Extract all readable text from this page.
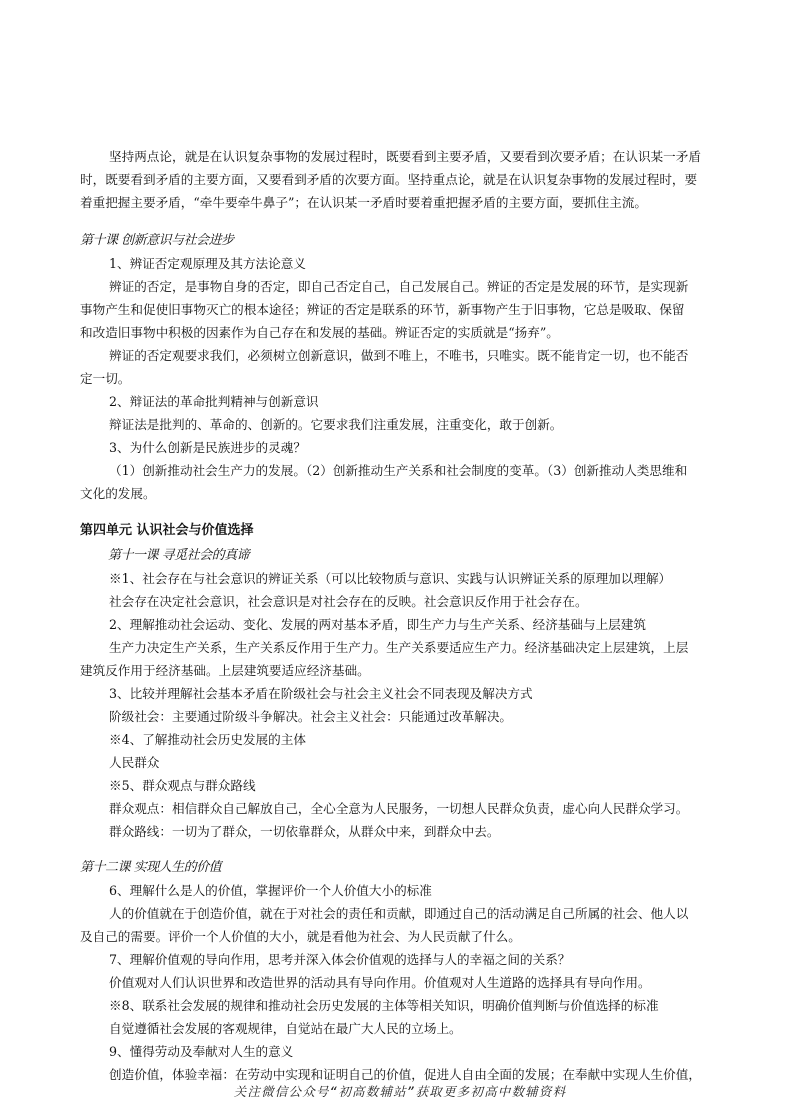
坚持两点论，就是在认识复杂事物的发展过程时，既要看到主要矛盾，又要看到次要矛盾；在认识某一矛盾

时，既要看到矛盾的主要方面，又要看到矛盾的次要方面。坚持重点论，就是在认识复杂事物的发展过程时，要

着重把握主要矛盾，“牵牛要牵牛鼻子”；在认识某一矛盾时要着重把握矛盾的主要方面，要抓住主流。

第十课 创新意识与社会进步

1、辨证否定观原理及其方法论意义

辨证的否定，是事物自身的否定，即自己否定自己，自己发展自己。辨证的否定是发展的环节，是实现新

事物产生和促使旧事物灭亡的根本途径；辨证的否定是联系的环节，新事物产生于旧事物，它总是吸取、保留

和改造旧事物中积极的因素作为自己存在和发展的基础。辨证否定的实质就是“扬弃”。

辨证的否定观要求我们，必须树立创新意识，做到不唯上，不唯书，只唯实。既不能肯定一切，也不能否

定一切。

2、辩证法的革命批判精神与创新意识

辩证法是批判的、革命的、创新的。它要求我们注重发展，注重变化，敢于创新。

3、为什么创新是民族进步的灵魂？

（1）创新推动社会生产力的发展。（2）创新推动生产关系和社会制度的变革。（3）创新推动人类思维和

文化的发展。

第四单元 认识社会与价值选择

第十一课 寻觅社会的真谛

※1、社会存在与社会意识的辨证关系（可以比较物质与意识、实践与认识辨证关系的原理加以理解）

社会存在决定社会意识，社会意识是对社会存在的反映。社会意识反作用于社会存在。

2、理解推动社会运动、变化、发展的两对基本矛盾，即生产力与生产关系、经济基础与上层建筑

生产力决定生产关系，生产关系反作用于生产力。生产关系要适应生产力。经济基础决定上层建筑，上层

建筑反作用于经济基础。上层建筑要适应经济基础。

3、比较并理解社会基本矛盾在阶级社会与社会主义社会不同表现及解决方式

阶级社会：主要通过阶级斗争解决。社会主义社会：只能通过改革解决。

※4、了解推动社会历史发展的主体

人民群众

※5、群众观点与群众路线

群众观点：相信群众自己解放自己，全心全意为人民服务，一切想人民群众负责，虚心向人民群众学习。

群众路线：一切为了群众，一切依靠群众，从群众中来，到群众中去。

第十二课 实现人生的价值

6、理解什么是人的价值，掌握评价一个人价值大小的标准

人的价值就在于创造价值，就在于对社会的责任和贡献，即通过自己的活动满足自己所属的社会、他人以

及自己的需要。评价一个人价值的大小，就是看他为社会、为人民贡献了什么。

7、理解价值观的导向作用，思考并深入体会价值观的选择与人的幸福之间的关系？

价值观对人们认识世界和改造世界的活动具有导向作用。价值观对人生道路的选择具有导向作用。

※8、联系社会发展的规律和推动社会历史发展的主体等相关知识，明确价值判断与价值选择的标准

自觉遵循社会发展的客观规律，自觉站在最广大人民的立场上。

9、懂得劳动及奉献对人生的意义

创造价值，体验幸福：在劳动中实现和证明自己的价值，促进人自由全面的发展；在奉献中实现人生价值，

关注微信公众号“初高数辅站”获取更多初高中数辅资料
